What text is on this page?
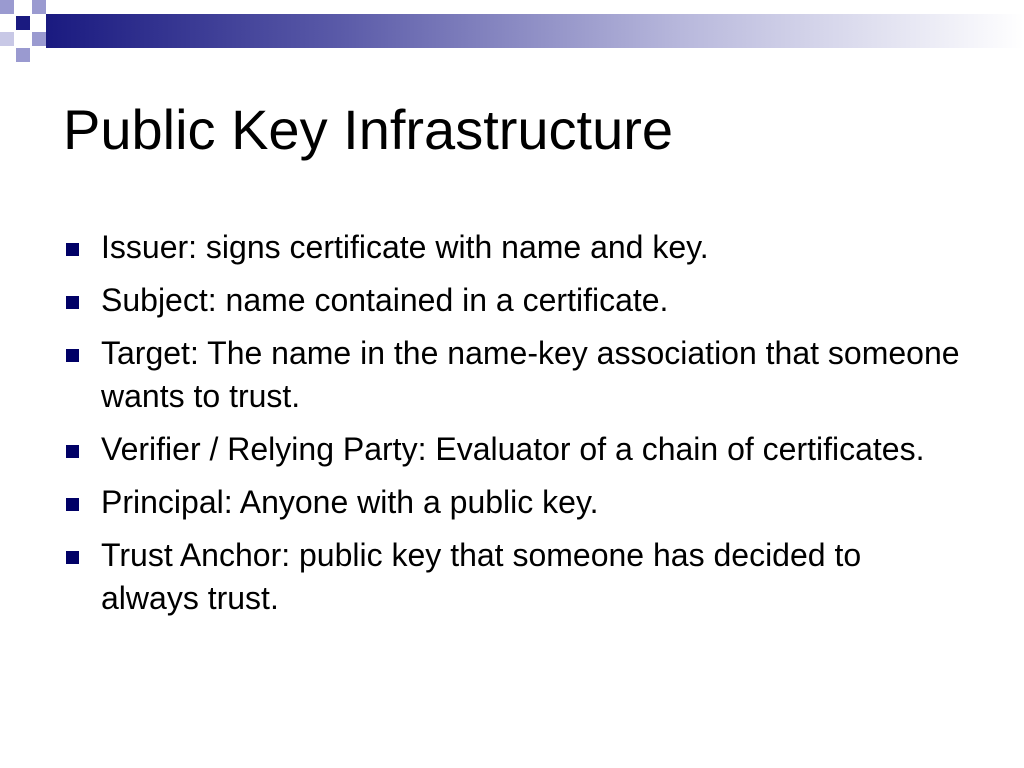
Public Key Infrastructure
Issuer: signs certificate with name and key.
Subject: name contained in a certificate.
Target: The name in the name-key association that someone wants to trust.
Verifier / Relying Party: Evaluator of a chain of certificates.
Principal: Anyone with a public key.
Trust Anchor: public key that someone has decided to always trust.
